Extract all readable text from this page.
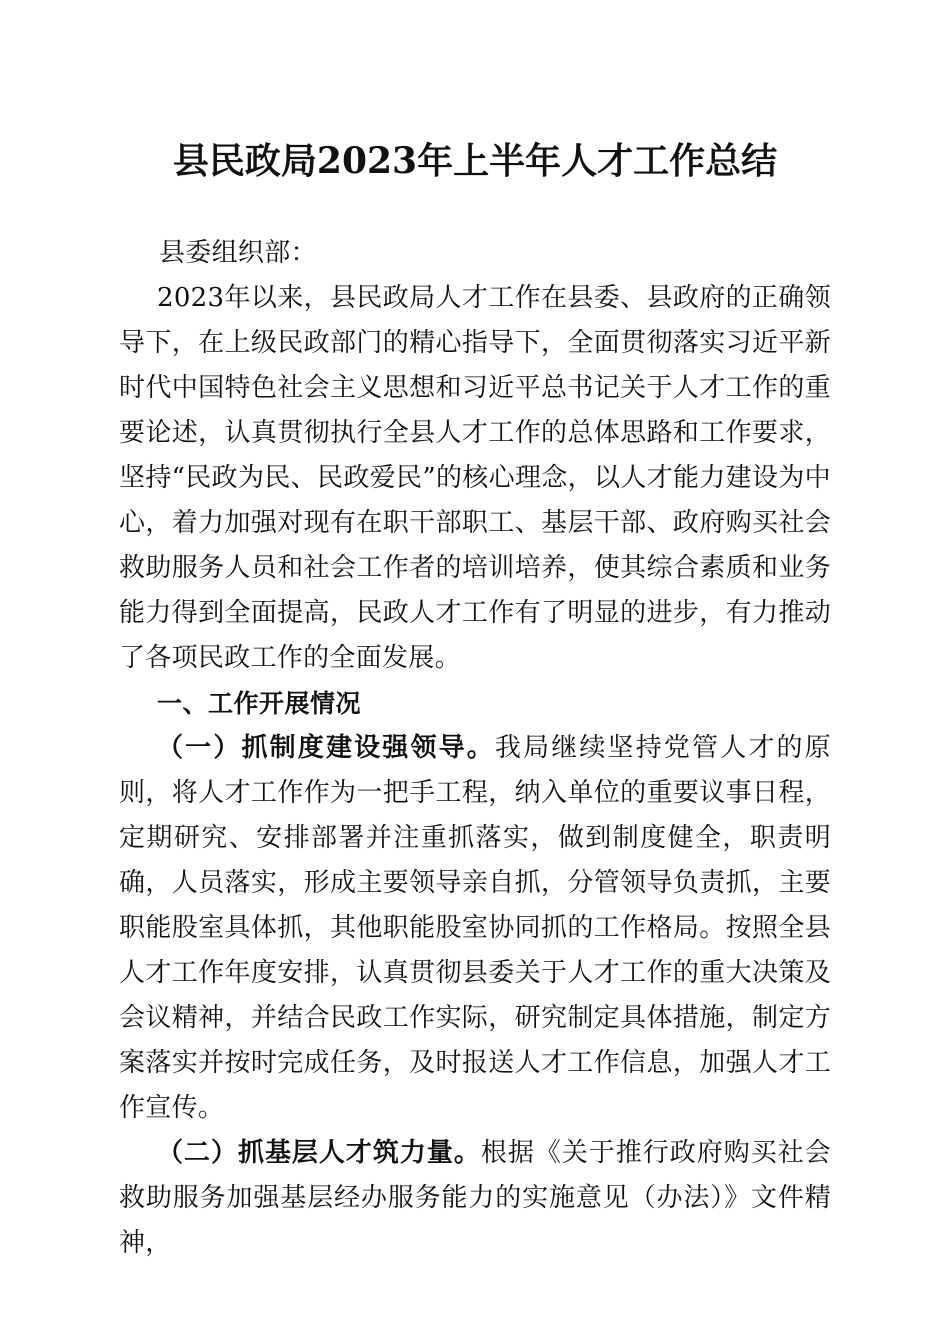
县民政局2023年上半年人才工作总结

县委组织部：

2023年以来，县民政局人才工作在县委、县政府的正确领导下，在上级民政部门的精心指导下，全面贯彻落实习近平新时代中国特色社会主义思想和习近平总书记关于人才工作的重要论述，认真贯彻执行全县人才工作的总体思路和工作要求，坚持“民政为民、民政爱民”的核心理念，以人才能力建设为中心，着力加强对现有在职干部职工、基层干部、政府购买社会救助服务人员和社会工作者的培训培养，使其综合素质和业务能力得到全面提高，民政人才工作有了明显的进步，有力推动了各项民政工作的全面发展。

一、工作开展情况

（一）抓制度建设强领导。我局继续坚持党管人才的原则，将人才工作作为一把手工程，纳入单位的重要议事日程，定期研究、安排部署并注重抓落实，做到制度健全，职责明确，人员落实，形成主要领导亲自抓，分管领导负责抓，主要职能股室具体抓，其他职能股室协同抓的工作格局。按照全县人才工作年度安排，认真贯彻县委关于人才工作的重大决策及会议精神，并结合民政工作实际，研究制定具体措施，制定方案落实并按时完成任务，及时报送人才工作信息，加强人才工作宣传。

（二）抓基层人才筑力量。根据《关于推行政府购买社会救助服务加强基层经办服务能力的实施意见（办法）》文件精神，
